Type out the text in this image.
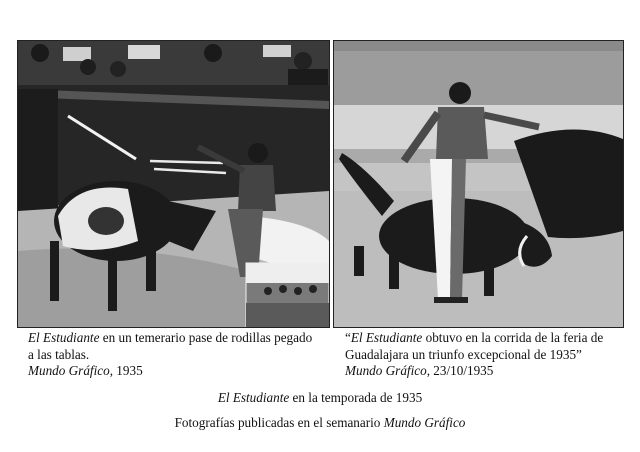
El Estudiante en un temerario pase de rodillas pegado
a las tablas.
Mundo Gráfico, 1935
“El Estudiante obtuvo en la corrida de la feria de
Guadalajara un triunfo excepcional de 1935”
Mundo Gráfico, 23/10/1935
El Estudiante en la temporada de 1935
Fotografías publicadas en el semanario Mundo Gráfico
